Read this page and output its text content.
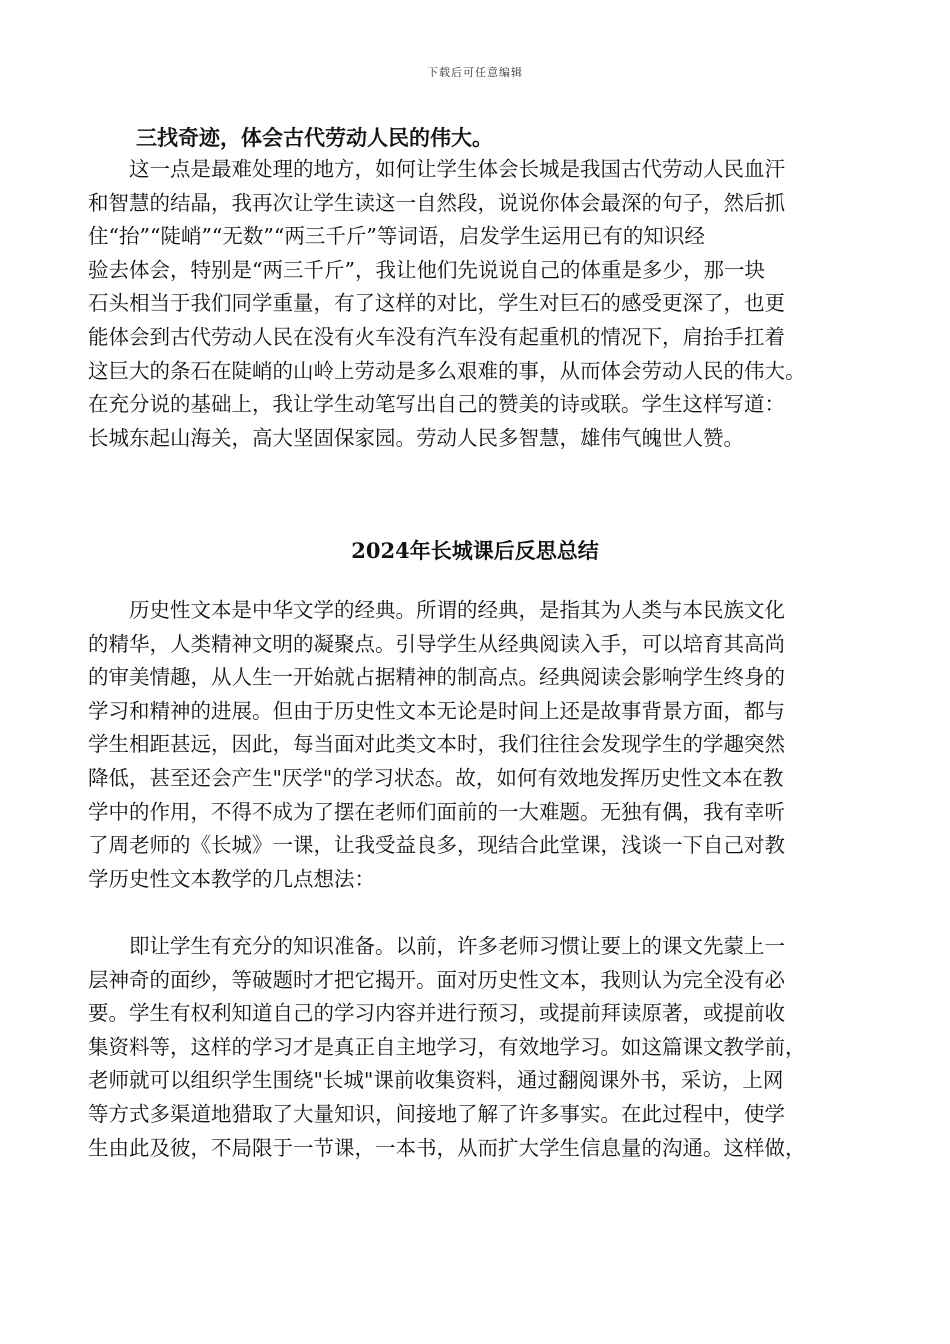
下载后可任意编辑
三找奇迹，体会古代劳动人民的伟大。
这一点是最难处理的地方，如何让学生体会长城是我国古代劳动人民血汗
和智慧的结晶，我再次让学生读这一自然段，说说你体会最深的句子，然后抓
住“抬”“陡峭”“无数”“两三千斤”等词语，启发学生运用已有的知识经
验去体会，特别是“两三千斤”，我让他们先说说自己的体重是多少，那一块
石头相当于我们同学重量，有了这样的对比，学生对巨石的感受更深了，也更
能体会到古代劳动人民在没有火车没有汽车没有起重机的情况下，肩抬手扛着
这巨大的条石在陡峭的山岭上劳动是多么艰难的事，从而体会劳动人民的伟大。
在充分说的基础上，我让学生动笔写出自己的赞美的诗或联。学生这样写道：
长城东起山海关，高大坚固保家园。劳动人民多智慧，雄伟气魄世人赞。
2024年长城课后反思总结
历史性文本是中华文学的经典。所谓的经典，是指其为人类与本民族文化
的精华，人类精神文明的凝聚点。引导学生从经典阅读入手，可以培育其高尚
的审美情趣，从人生一开始就占据精神的制高点。经典阅读会影响学生终身的
学习和精神的进展。但由于历史性文本无论是时间上还是故事背景方面，都与
学生相距甚远，因此，每当面对此类文本时，我们往往会发现学生的学趣突然
降低，甚至还会产生"厌学"的学习状态。故，如何有效地发挥历史性文本在教
学中的作用，不得不成为了摆在老师们面前的一大难题。无独有偶，我有幸听
了周老师的《长城》一课，让我受益良多，现结合此堂课，浅谈一下自己对教
学历史性文本教学的几点想法：
即让学生有充分的知识准备。以前，许多老师习惯让要上的课文先蒙上一
层神奇的面纱，等破题时才把它揭开。面对历史性文本，我则认为完全没有必
要。学生有权利知道自己的学习内容并进行预习，或提前拜读原著，或提前收
集资料等，这样的学习才是真正自主地学习，有效地学习。如这篇课文教学前，
老师就可以组织学生围绕"长城"课前收集资料，通过翻阅课外书，采访，上网
等方式多渠道地猎取了大量知识，间接地了解了许多事实。在此过程中，使学
生由此及彼，不局限于一节课，一本书，从而扩大学生信息量的沟通。这样做，
